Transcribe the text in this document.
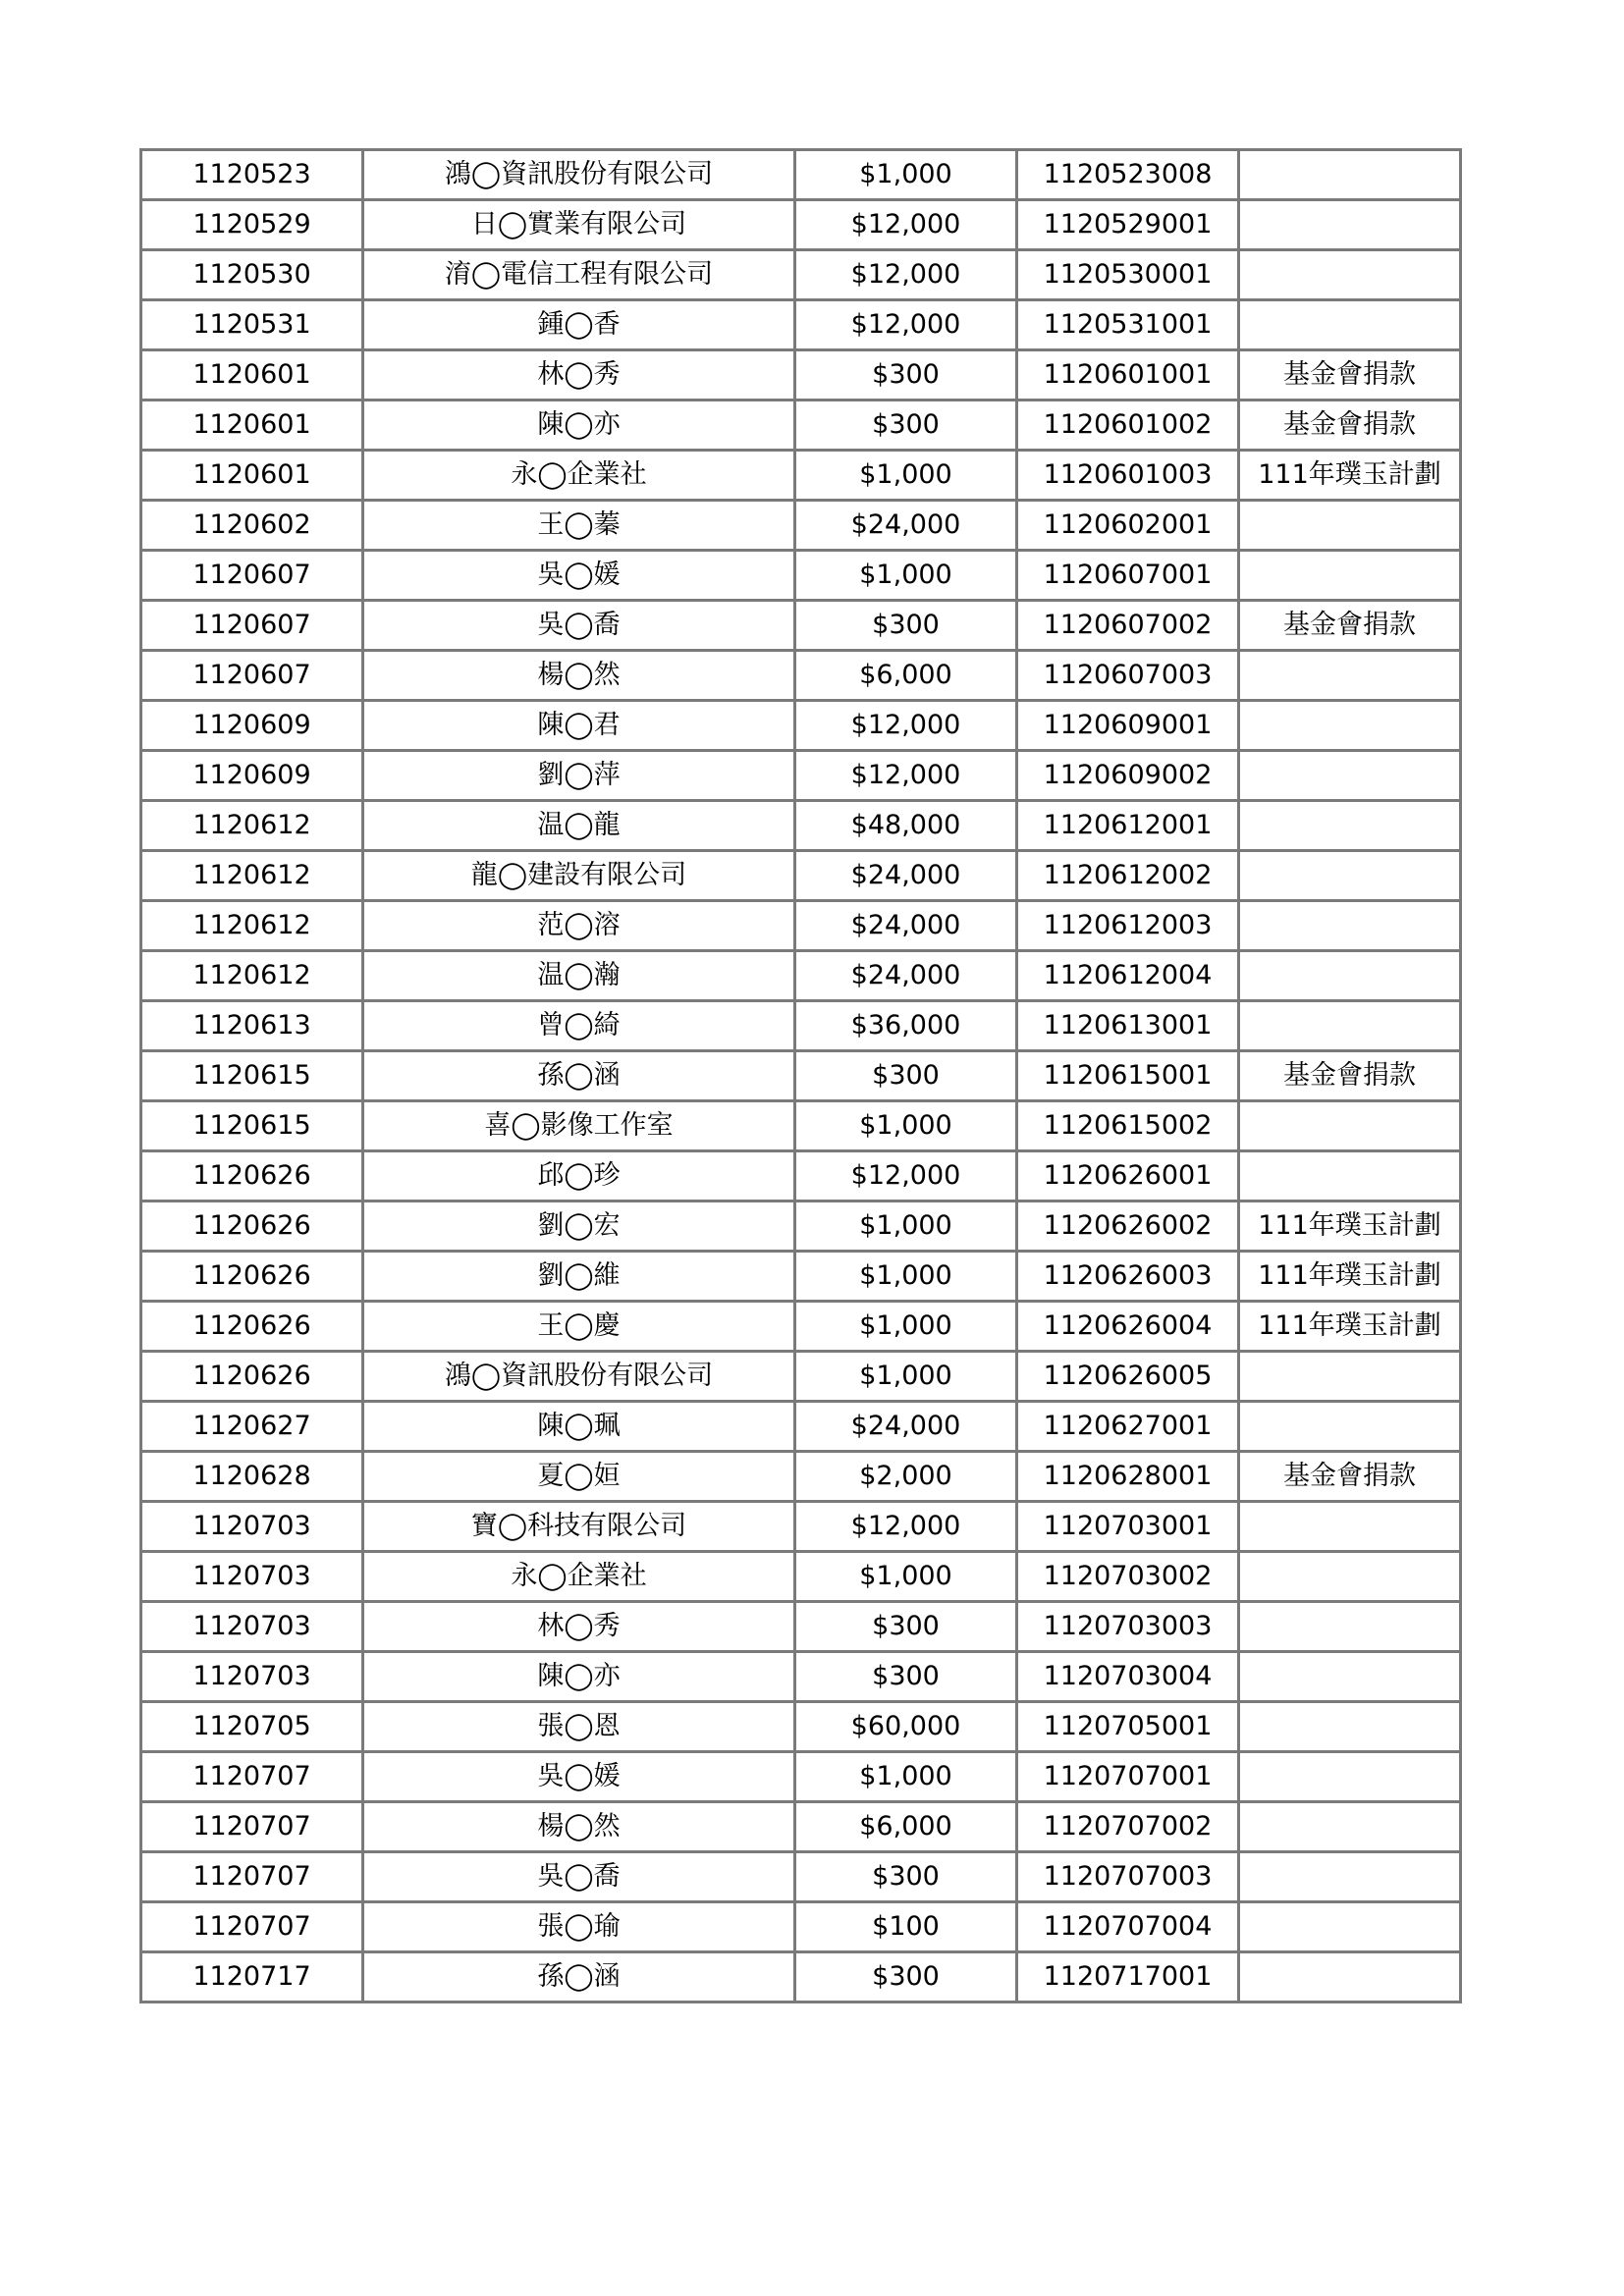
1120523	鴻◯資訊股份有限公司	$1,000	1120523008	
1120529	日◯實業有限公司	$12,000	1120529001	
1120530	淯◯電信工程有限公司	$12,000	1120530001	
1120531	鍾◯香	$12,000	1120531001	
1120601	林◯秀	$300	1120601001	基金會捐款
1120601	陳◯亦	$300	1120601002	基金會捐款
1120601	永◯企業社	$1,000	1120601003	111年璞玉計劃
1120602	王◯蓁	$24,000	1120602001	
1120607	吳◯媛	$1,000	1120607001	
1120607	吳◯喬	$300	1120607002	基金會捐款
1120607	楊◯然	$6,000	1120607003	
1120609	陳◯君	$12,000	1120609001	
1120609	劉◯萍	$12,000	1120609002	
1120612	温◯龍	$48,000	1120612001	
1120612	龍◯建設有限公司	$24,000	1120612002	
1120612	范◯溶	$24,000	1120612003	
1120612	温◯瀚	$24,000	1120612004	
1120613	曾◯綺	$36,000	1120613001	
1120615	孫◯涵	$300	1120615001	基金會捐款
1120615	喜◯影像工作室	$1,000	1120615002	
1120626	邱◯珍	$12,000	1120626001	
1120626	劉◯宏	$1,000	1120626002	111年璞玉計劃
1120626	劉◯維	$1,000	1120626003	111年璞玉計劃
1120626	王◯慶	$1,000	1120626004	111年璞玉計劃
1120626	鴻◯資訊股份有限公司	$1,000	1120626005	
1120627	陳◯珮	$24,000	1120627001	
1120628	夏◯姮	$2,000	1120628001	基金會捐款
1120703	寶◯科技有限公司	$12,000	1120703001	
1120703	永◯企業社	$1,000	1120703002	
1120703	林◯秀	$300	1120703003	
1120703	陳◯亦	$300	1120703004	
1120705	張◯恩	$60,000	1120705001	
1120707	吳◯媛	$1,000	1120707001	
1120707	楊◯然	$6,000	1120707002	
1120707	吳◯喬	$300	1120707003	
1120707	張◯瑜	$100	1120707004	
1120717	孫◯涵	$300	1120717001	
